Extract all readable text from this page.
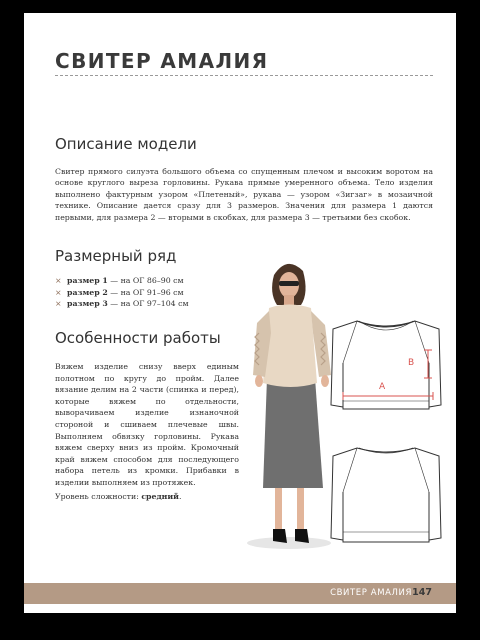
СВИТЕР АМАЛИЯ
Описание модели

Свитер прямого силуэта большого объема со спущенным плечом и высоким воротом на основе круглого выреза горловины. Рукава прямые умеренного объема. Тело изделия выполнено фактурным узором «Плетеный», рукава — узором «Зигзаг» в мозаичной технике. Описание дается сразу для 3 размеров. Значения для размера 1 даются первыми, для размера 2 — вторыми в скобках, для размера 3 — третьими без скобок.

Размерный ряд
× размер 1 — на ОГ 86–90 см
× размер 2 — на ОГ 91–96 см
× размер 3 — на ОГ 97–104 см
Особенности работы

Вяжем изделие снизу вверх единым полотном по кругу до пройм. Далее вязание делим на 2 части (спинка и перед), которые вяжем по отдельности, выворачиваем изделие изнаночной стороной и сшиваем плечевые швы. Выполняем обвязку горловины. Рукава вяжем сверху вниз из пройм. Кромочный край вяжем способом для последующего набора петель из кромки. Прибавки в изделии выполняем из протяжек.

Уровень сложности: средний.
A
B
СВИТЕР АМАЛИЯ 147
